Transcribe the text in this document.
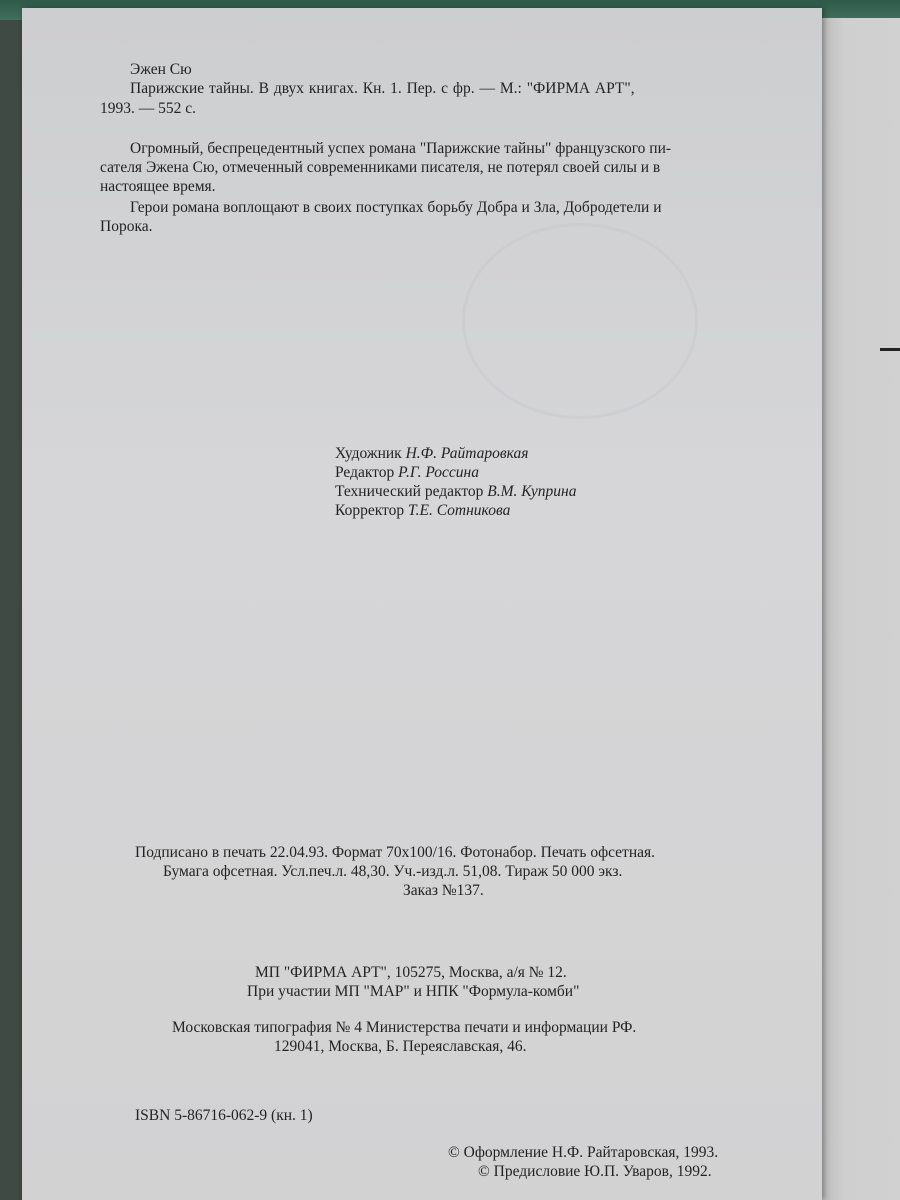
Эжен Сю
Парижские тайны. В двух книгах. Кн. 1. Пер. с фр. — М.: "ФИРМА АРТ",
1993. — 552 с.
Огромный, беспрецедентный успех романа "Парижские тайны" французского пи-
сателя Эжена Сю, отмеченный современниками писателя, не потерял своей силы и в
настоящее время.
Герои романа воплощают в своих поступках борьбу Добра и Зла, Добродетели и
Порока.
Художник Н.Ф. Райтаровкая
Редактор Р.Г. Россина
Технический редактор В.М. Куприна
Корректор Т.Е. Сотникова
Подписано в печать 22.04.93. Формат 70x100/16. Фотонабор. Печать офсетная.
Бумага офсетная. Усл.печ.л. 48,30. Уч.-изд.л. 51,08. Тираж 50 000 экз.
Заказ №137.
МП "ФИРМА АРТ", 105275, Москва, а/я № 12.
При участии МП "МАР" и НПК "Формула-комби"
Московская типография № 4 Министерства печати и информации РФ.
129041, Москва, Б. Переяславская, 46.
ISBN 5-86716-062-9 (кн. 1)
© Оформление Н.Ф. Райтаровская, 1993.
© Предисловие Ю.П. Уваров, 1992.
